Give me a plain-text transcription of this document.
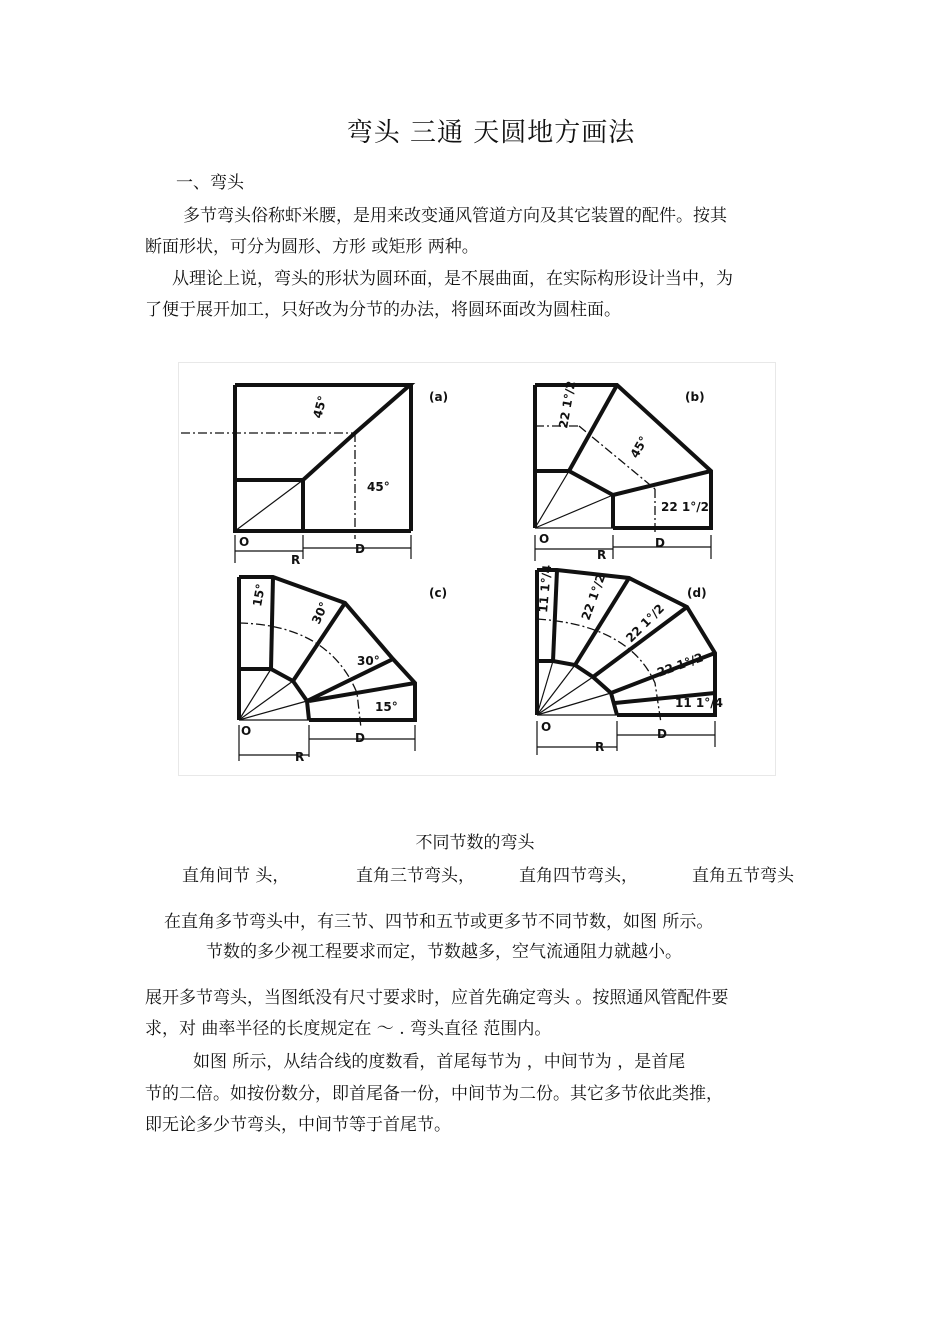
弯头 三通 天圆地方画法
一、弯头
多节弯头俗称虾米腰，是用来改变通风管道方向及其它装置的配件。按其
断面形状，可分为圆形、方形 或矩形 两种。
从理论上说，弯头的形状为圆环面，是不展曲面，在实际构形设计当中，为
了便于展开加工，只好改为分节的办法，将圆环面改为圆柱面。
(a)
45°
45°
O
R
D
(b)
22 1°/2
45°
22 1°/2
O
R
D
(c)
15°
30°
30°
15°
O
R
D
(d)
11 1°/4 22 1°/2
22 1°/2
22 1°/2
11 1°/4
O
R
D
不同节数的弯头
直角间节 头，	直角三节弯头，	直角四节弯头，	直角五节弯头
在直角多节弯头中，有三节、四节和五节或更多节不同节数，如图 所示。
节数的多少视工程要求而定，节数越多，空气流通阻力就越小。
展开多节弯头，当图纸没有尺寸要求时，应首先确定弯头 。按照通风管配件要
求，对 曲率半径的长度规定在 ～ . 弯头直径 范围内。
如图 所示，从结合线的度数看，首尾每节为 ，中间节为 ，是首尾
节的二倍。如按份数分，即首尾备一份，中间节为二份。其它多节依此类推，
即无论多少节弯头，中间节等于首尾节。
